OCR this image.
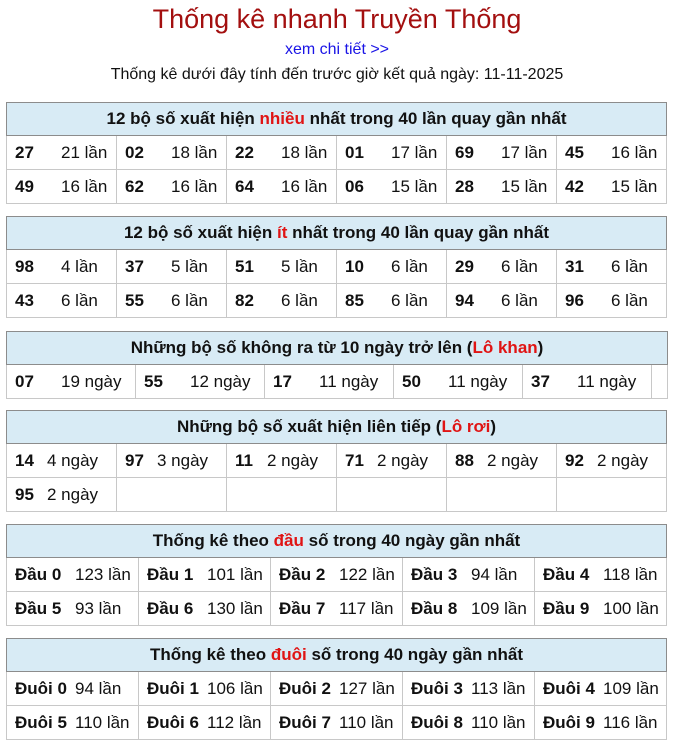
Thống kê nhanh Truyền Thống
xem chi tiết >>
Thống kê dưới đây tính đến trước giờ kết quả ngày: 11-11-2025
12 bộ số xuất hiện nhiều nhất trong 40 lần quay gần nhất					
27 21 lần	02 18 lần	22 18 lần	01 17 lần	69 17 lần	45 16 lần
49 16 lần	62 16 lần	64 16 lần	06 15 lần	28 15 lần	42 15 lần
12 bộ số xuất hiện ít nhất trong 40 lần quay gần nhất					
98 4 lần	37 5 lần	51 5 lần	10 6 lần	29 6 lần	31 6 lần
43 6 lần	55 6 lần	82 6 lần	85 6 lần	94 6 lần	96 6 lần
Những bộ số không ra từ 10 ngày trở lên (Lô khan)
07 19 ngày	55 12 ngày	17 11 ngày	50 11 ngày	37 11 ngày	
Những bộ số xuất hiện liên tiếp (Lô rơi)					
14 4 ngày	97 3 ngày	11 2 ngày	71 2 ngày	88 2 ngày	92 2 ngày
95 2 ngày					
Thống kê theo đầu số trong 40 ngày gần nhất				
Đầu 0 123 lần	Đầu 1 101 lần	Đầu 2 122 lần	Đầu 3 94 lần	Đầu 4 118 lần
Đầu 5 93 lần	Đầu 6 130 lần	Đầu 7 117 lần	Đầu 8 109 lần	Đầu 9 100 lần
Thống kê theo đuôi số trong 40 ngày gần nhất				
Đuôi 0 94 lần	Đuôi 1 106 lần	Đuôi 2 127 lần	Đuôi 3 113 lần	Đuôi 4 109 lần
Đuôi 5 110 lần	Đuôi 6 112 lần	Đuôi 7 110 lần	Đuôi 8 110 lần	Đuôi 9 116 lần
